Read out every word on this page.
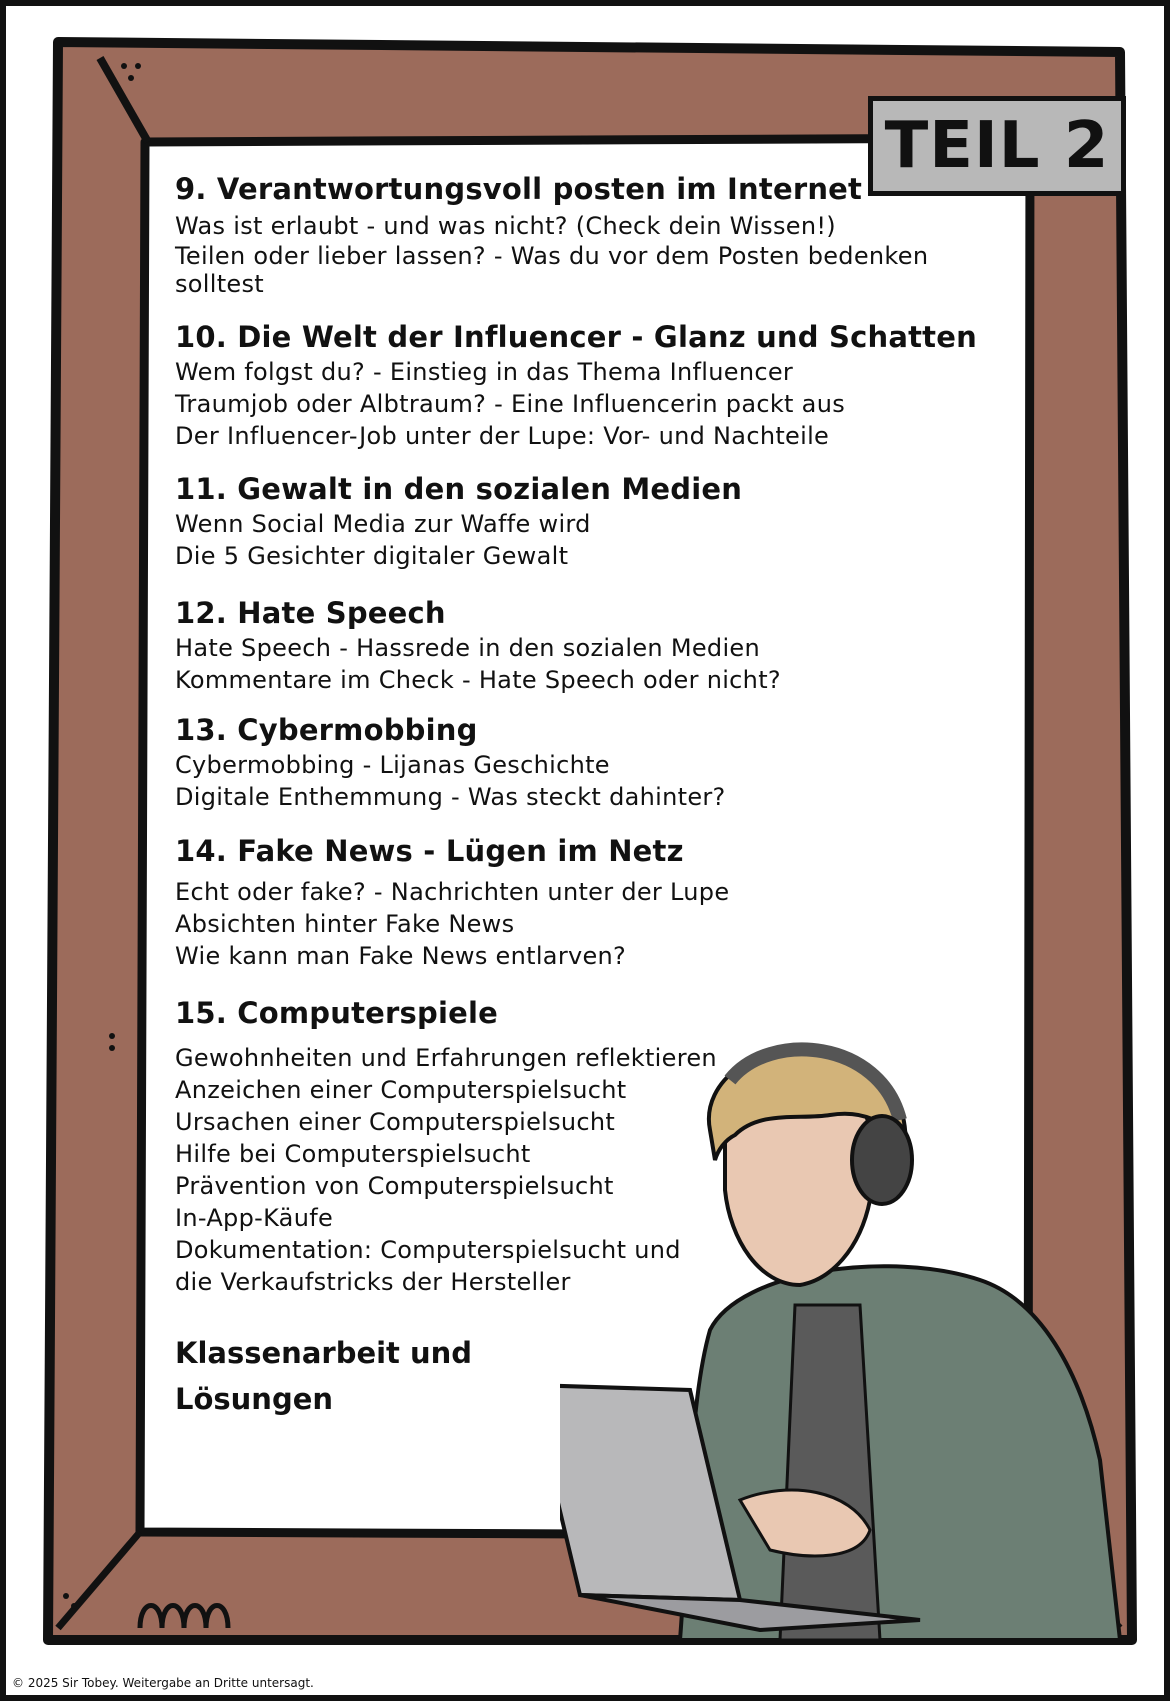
TEIL 2

9. Verantwortungsvoll posten im Internet

Was ist erlaubt - und was nicht? (Check dein Wissen!)

Teilen oder lieber lassen? - Was du vor dem Posten bedenken solltest

10. Die Welt der Influencer - Glanz und Schatten

Wem folgst du? - Einstieg in das Thema Influencer

Traumjob oder Albtraum? - Eine Influencerin packt aus

Der Influencer-Job unter der Lupe: Vor- und Nachteile

11. Gewalt in den sozialen Medien

Wenn Social Media zur Waffe wird

Die 5 Gesichter digitaler Gewalt

12. Hate Speech

Hate Speech - Hassrede in den sozialen Medien

Kommentare im Check - Hate Speech oder nicht?

13. Cybermobbing

Cybermobbing - Lijanas Geschichte

Digitale Enthemmung - Was steckt dahinter?

14. Fake News - Lügen im Netz

Echt oder fake? - Nachrichten unter der Lupe

Absichten hinter Fake News

Wie kann man Fake News entlarven?

15. Computerspiele

Gewohnheiten und Erfahrungen reflektieren

Anzeichen einer Computerspielsucht

Ursachen einer Computerspielsucht

Hilfe bei Computerspielsucht

Prävention von Computerspielsucht

In-App-Käufe

Dokumentation: Computerspielsucht und

die Verkaufstricks der Hersteller

Klassenarbeit und

Lösungen

© 2025 Sir Tobey. Weitergabe an Dritte untersagt.
